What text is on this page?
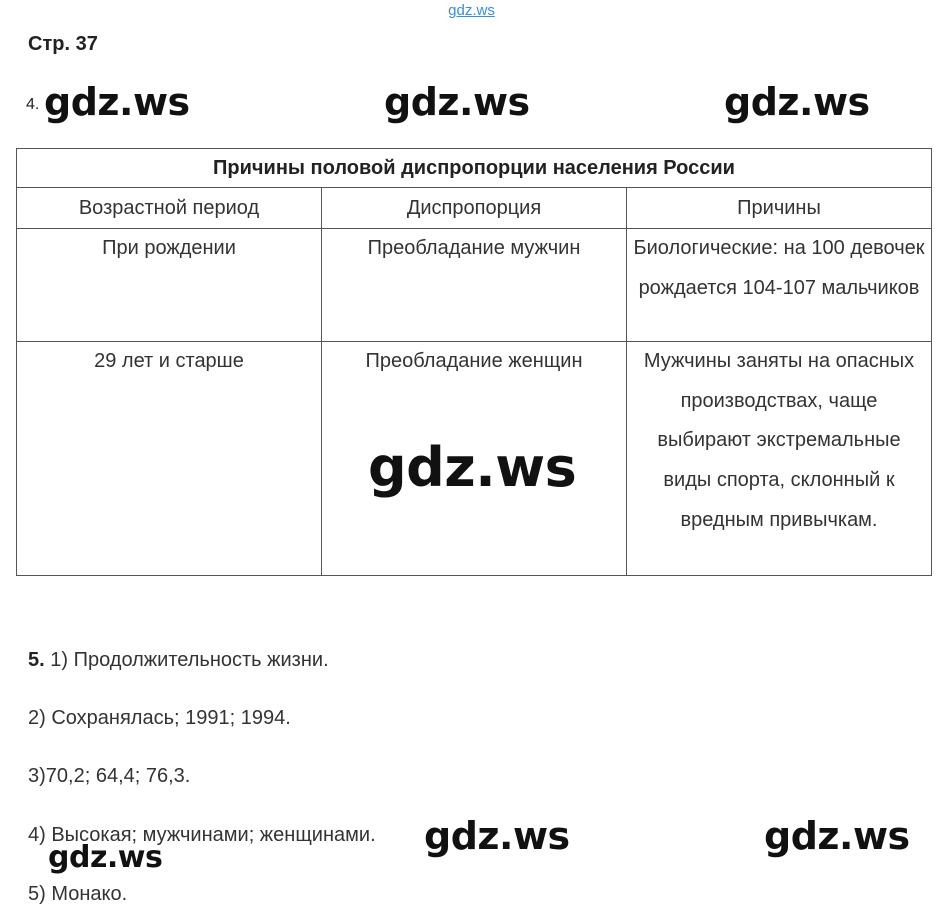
gdz.ws
Стр. 37
4. gdz.ws	gdz.ws	gdz.ws
Причины половой диспропорции населения России		
Возрастной период	Диспропорция	Причины
При рождении	Преобладание мужчин	Биологические: на 100 девочек рождается 104-107 мальчиков
29 лет и старше	Преобладание женщин	Мужчины заняты на опасных производствах, чаще выбирают экстремальные виды спорта, склонный к вредным привычкам.
gdz.ws
5. 1) Продолжительность жизни.
2) Сохранялась; 1991; 1994.
3)70,2; 64,4; 76,3.
4) Высокая; мужчинами; женщинами.
5) Монако.
gdz.ws	gdz.ws
gdz.ws
